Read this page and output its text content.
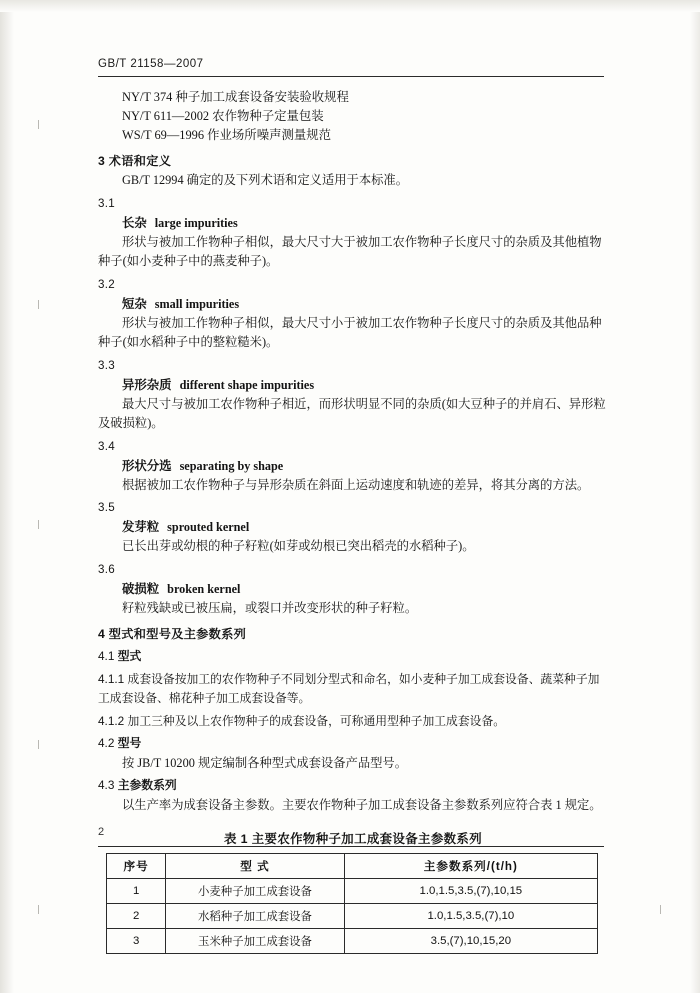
GB/T 21158—2007
NY/T 374 种子加工成套设备安装验收规程
NY/T 611—2002 农作物种子定量包装
WS/T 69—1996 作业场所噪声测量规范
3 术语和定义
GB/T 12994 确定的及下列术语和定义适用于本标准。
3.1
长杂 large impurities
形状与被加工作物种子相似，最大尺寸大于被加工农作物种子长度尺寸的杂质及其他植物种子(如小麦种子中的燕麦种子)。
3.2
短杂 small impurities
形状与被加工作物种子相似，最大尺寸小于被加工农作物种子长度尺寸的杂质及其他品种种子(如水稻种子中的整粒糙米)。
3.3
异形杂质 different shape impurities
最大尺寸与被加工农作物种子相近，而形状明显不同的杂质(如大豆种子的并肩石、异形粒及破损粒)。
3.4
形状分选 separating by shape
根据被加工农作物种子与异形杂质在斜面上运动速度和轨迹的差异，将其分离的方法。
3.5
发芽粒 sprouted kernel
已长出芽或幼根的种子籽粒(如芽或幼根已突出稻壳的水稻种子)。
3.6
破损粒 broken kernel
籽粒残缺或已被压扁，或裂口并改变形状的种子籽粒。
4 型式和型号及主参数系列
4.1 型式
4.1.1 成套设备按加工的农作物种子不同划分型式和命名，如小麦种子加工成套设备、蔬菜种子加工成套设备、棉花种子加工成套设备等。
4.1.2 加工三种及以上农作物种子的成套设备，可称通用型种子加工成套设备。
4.2 型号
按 JB/T 10200 规定编制各种型式成套设备产品型号。
4.3 主参数系列
以生产率为成套设备主参数。主要农作物种子加工成套设备主参数系列应符合表 1 规定。
表 1 主要农作物种子加工成套设备主参数系列
序号	型 式	主参数系列/(t/h)
1	小麦种子加工成套设备	1.0,1.5,3.5,(7),10,15
2	水稻种子加工成套设备	1.0,1.5,3.5,(7),10
3	玉米种子加工成套设备	3.5,(7),10,15,20
2
